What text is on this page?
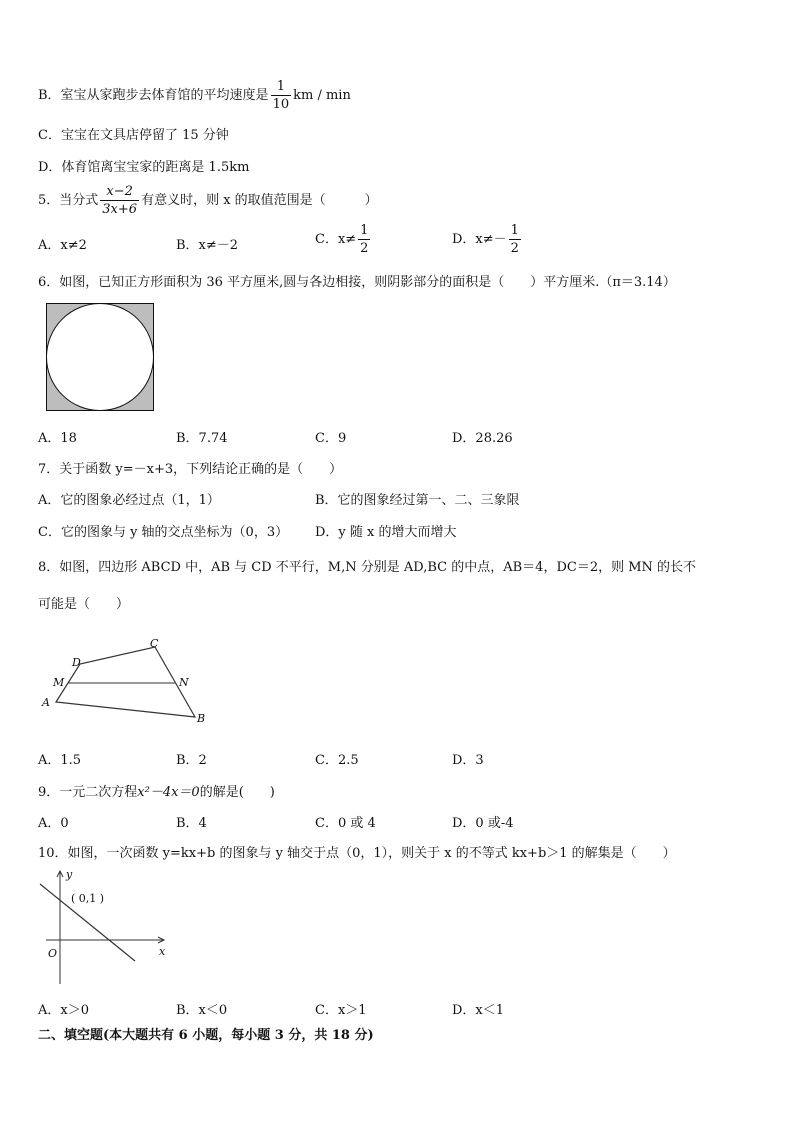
B．室宝从家跑步去体育馆的平均速度是 $\frac{1}{10}$ km / min
C．宝宝在文具店停留了 15 分钟
D．体育馆离宝宝家的距离是 1.5km
5．当分式 $\frac{x-2}{3x+6}$ 有意义时，则 x 的取值范围是（　　　）
A．x≠2	B．x≠－2	C．$x\ne \frac{1}{2}$	D．$x\ne- \frac{1}{2}$
6．如图，已知正方形面积为 36 平方厘米,圆与各边相接，则阴影部分的面积是（　　）平方厘米.（π＝3.14）
A．18	B．7.74	C．9	D．28.26
7．关于函数 y=－x+3，下列结论正确的是（　　）
A．它的图象必经过点（1，1）	B．它的图象经过第一、二、三象限
C．它的图象与 y 轴的交点坐标为（0，3） D．y 随 x 的增大而增大
8．如图，四边形 ABCD 中，AB 与 CD 不平行，M,N 分别是 AD,BC 的中点，AB＝4，DC＝2，则 MN 的长不
可能是（　　）
A
B
C
D
M	N
A．1.5	B．2	C．2.5	D．3
9．一元二次方程x²－4x＝0的解是(　　)
A．0	B．4	C．0 或 4	D．0 或-4
10．如图，一次函数 y=kx+b 的图象与 y 轴交于点（0，1），则关于 x 的不等式 kx+b＞1 的解集是（　　）
y
x
O
( 0,1 )
A．x＞0	B．x＜0	C．x＞1	D．x＜1
二、填空题(本大题共有 6 小题，每小题 3 分，共 18 分)
